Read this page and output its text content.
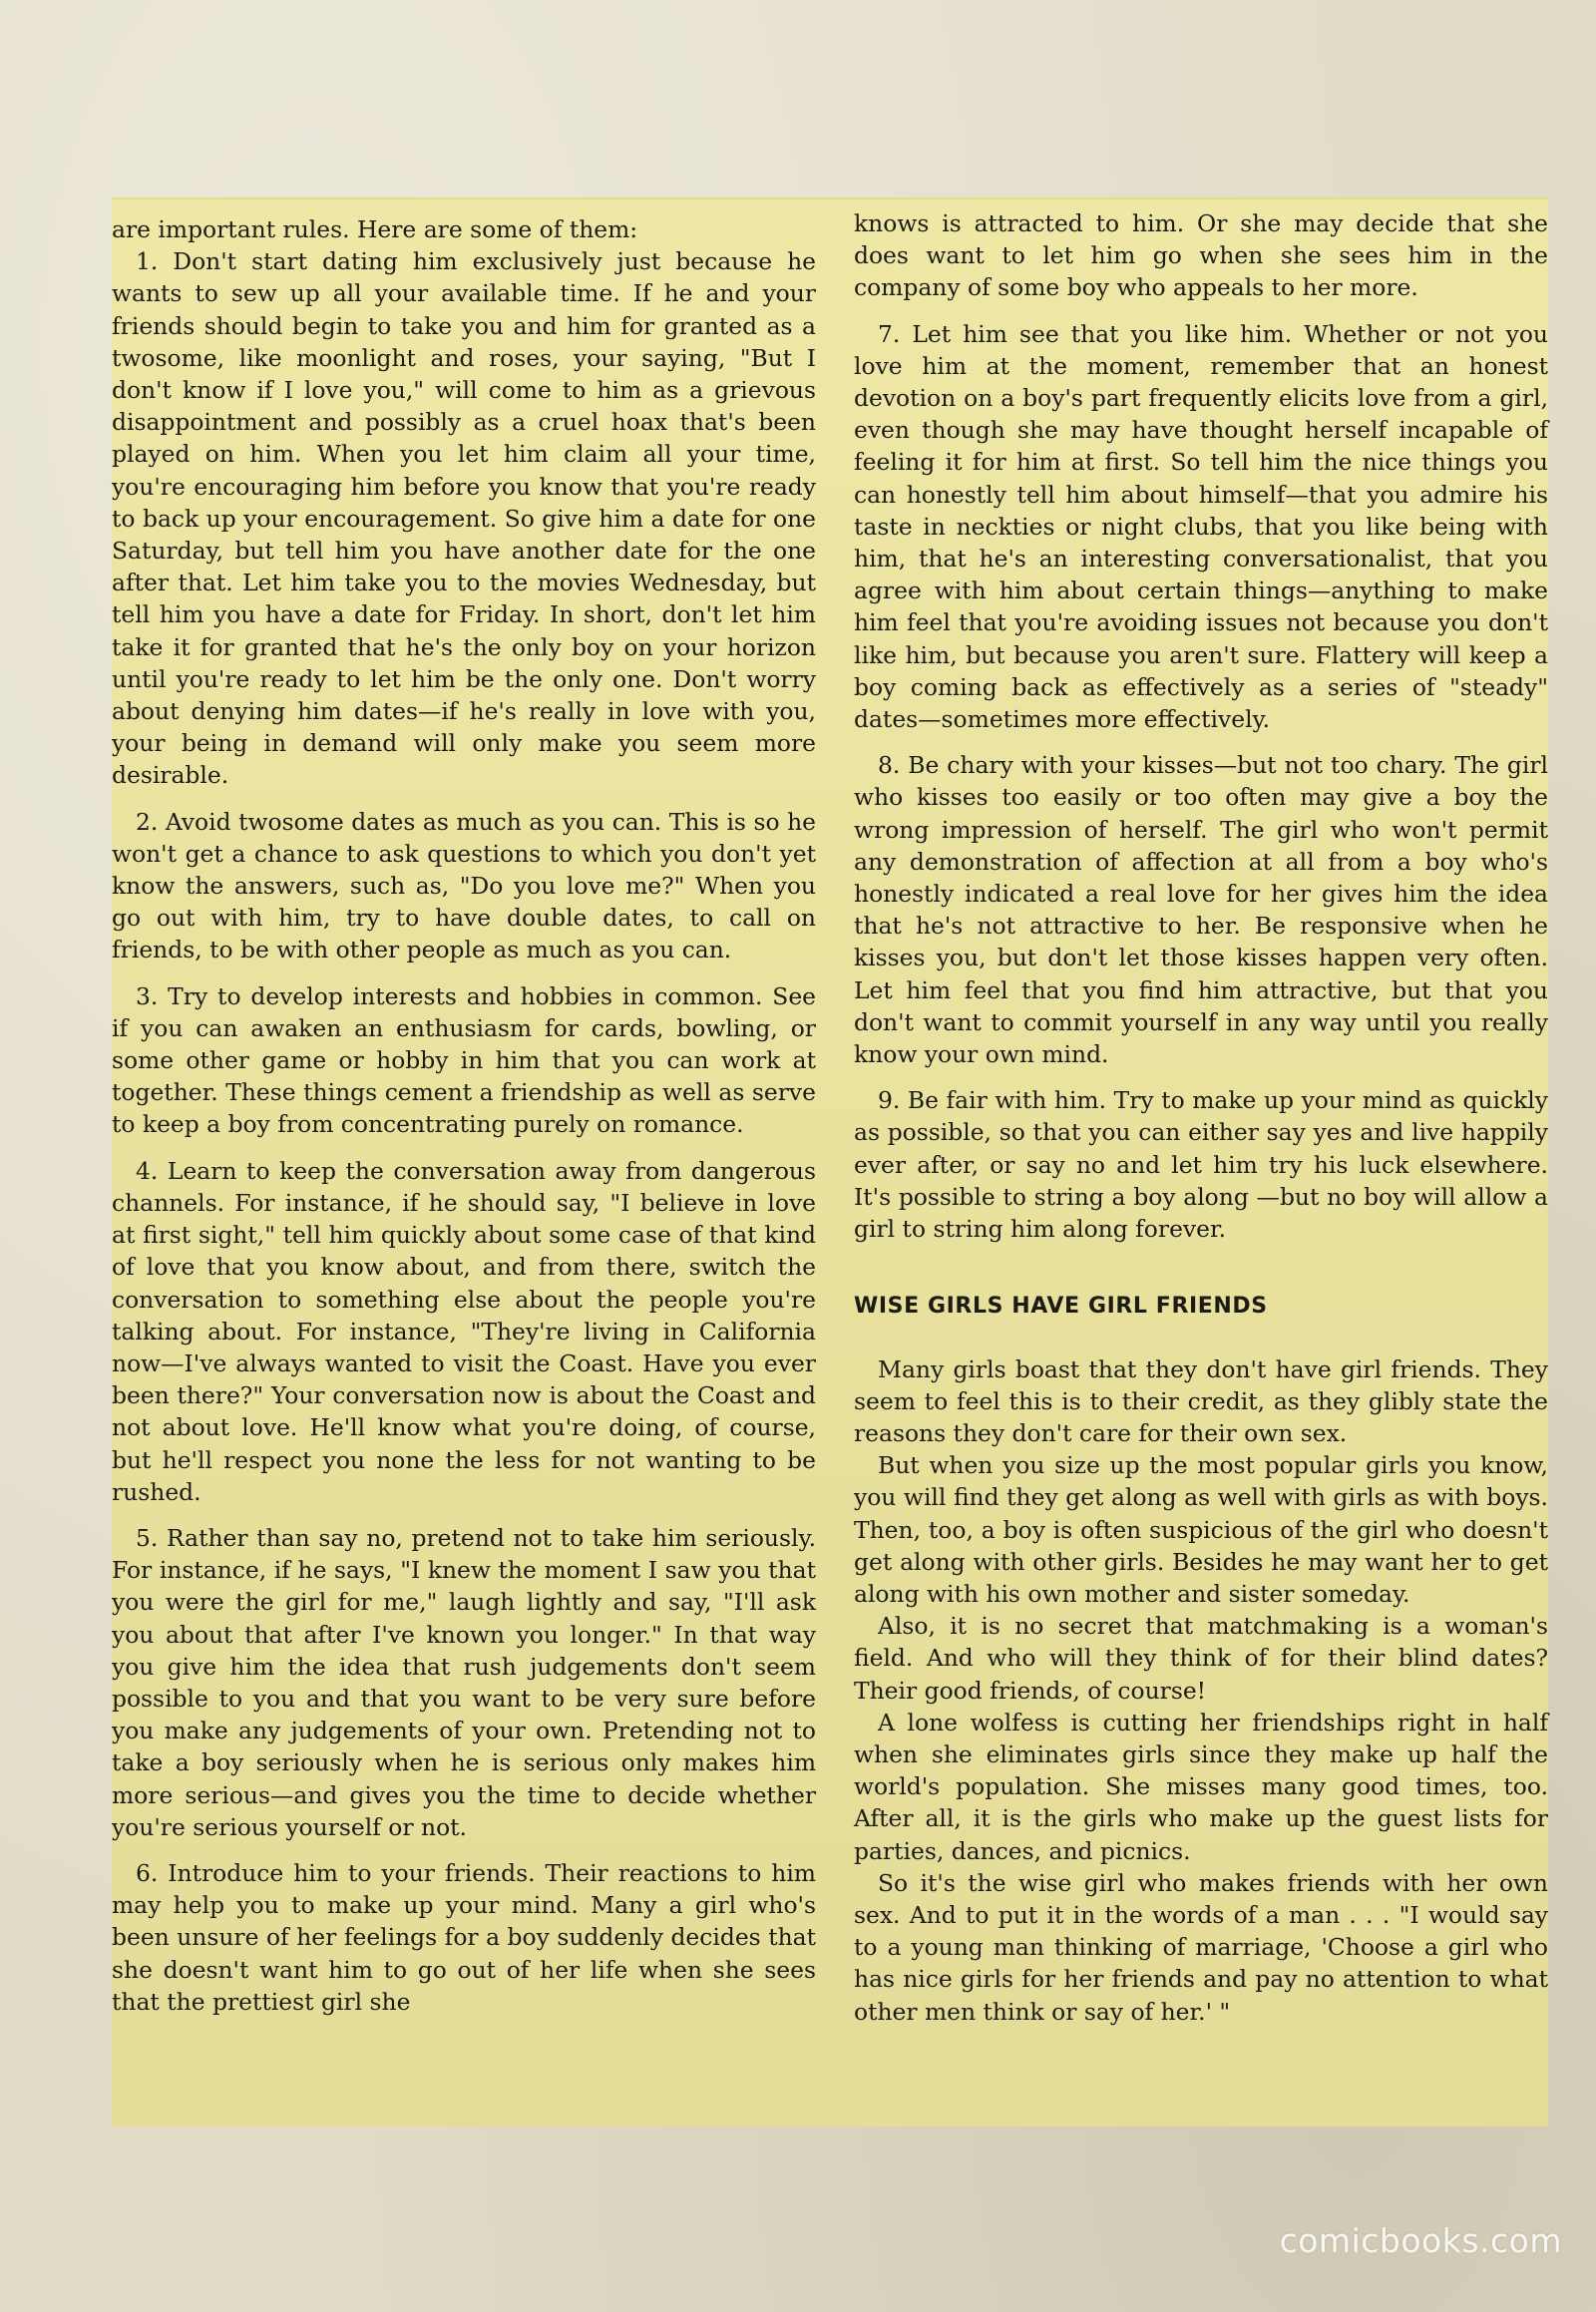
are important rules. Here are some of them:

1. Don't start dating him exclusively just because he wants to sew up all your available time. If he and your friends should begin to take you and him for granted as a twosome, like moonlight and roses, your saying, "But I don't know if I love you," will come to him as a grievous disappointment and possibly as a cruel hoax that's been played on him. When you let him claim all your time, you're encouraging him before you know that you're ready to back up your encouragement. So give him a date for one Saturday, but tell him you have another date for the one after that. Let him take you to the movies Wednesday, but tell him you have a date for Friday. In short, don't let him take it for granted that he's the only boy on your horizon until you're ready to let him be the only one. Don't worry about denying him dates—if he's really in love with you, your being in demand will only make you seem more desirable.

2. Avoid twosome dates as much as you can. This is so he won't get a chance to ask questions to which you don't yet know the answers, such as, "Do you love me?" When you go out with him, try to have double dates, to call on friends, to be with other people as much as you can.

3. Try to develop interests and hobbies in common. See if you can awaken an enthusiasm for cards, bowling, or some other game or hobby in him that you can work at together. These things cement a friendship as well as serve to keep a boy from concentrating purely on romance.

4. Learn to keep the conversation away from dangerous channels. For instance, if he should say, "I believe in love at first sight," tell him quickly about some case of that kind of love that you know about, and from there, switch the conversation to something else about the people you're talking about. For instance, "They're living in California now—I've always wanted to visit the Coast. Have you ever been there?" Your conversation now is about the Coast and not about love. He'll know what you're doing, of course, but he'll respect you none the less for not wanting to be rushed.

5. Rather than say no, pretend not to take him seriously. For instance, if he says, "I knew the moment I saw you that you were the girl for me," laugh lightly and say, "I'll ask you about that after I've known you longer." In that way you give him the idea that rush judgements don't seem possible to you and that you want to be very sure before you make any judgements of your own. Pretending not to take a boy seriously when he is serious only makes him more serious—and gives you the time to decide whether you're serious yourself or not.

6. Introduce him to your friends. Their reactions to him may help you to make up your mind. Many a girl who's been unsure of her feelings for a boy suddenly decides that she doesn't want him to go out of her life when she sees that the prettiest girl she

knows is attracted to him. Or she may decide that she does want to let him go when she sees him in the company of some boy who appeals to her more.

7. Let him see that you like him. Whether or not you love him at the moment, remember that an honest devotion on a boy's part frequently elicits love from a girl, even though she may have thought herself incapable of feeling it for him at first. So tell him the nice things you can honestly tell him about himself—that you admire his taste in neckties or night clubs, that you like being with him, that he's an interesting conversationalist, that you agree with him about certain things—anything to make him feel that you're avoiding issues not because you don't like him, but because you aren't sure. Flattery will keep a boy coming back as effectively as a series of "steady" dates—sometimes more effectively.

8. Be chary with your kisses—but not too chary. The girl who kisses too easily or too often may give a boy the wrong impression of herself. The girl who won't permit any demonstration of affection at all from a boy who's honestly indicated a real love for her gives him the idea that he's not attractive to her. Be responsive when he kisses you, but don't let those kisses happen very often. Let him feel that you find him attractive, but that you don't want to commit yourself in any way until you really know your own mind.

9. Be fair with him. Try to make up your mind as quickly as possible, so that you can either say yes and live happily ever after, or say no and let him try his luck elsewhere. It's possible to string a boy along —but no boy will allow a girl to string him along forever.

WISE GIRLS HAVE GIRL FRIENDS

Many girls boast that they don't have girl friends. They seem to feel this is to their credit, as they glibly state the reasons they don't care for their own sex.

But when you size up the most popular girls you know, you will find they get along as well with girls as with boys. Then, too, a boy is often suspicious of the girl who doesn't get along with other girls. Besides he may want her to get along with his own mother and sister someday.

Also, it is no secret that matchmaking is a woman's field. And who will they think of for their blind dates? Their good friends, of course!

A lone wolfess is cutting her friendships right in half when she eliminates girls since they make up half the world's population. She misses many good times, too. After all, it is the girls who make up the guest lists for parties, dances, and picnics.

So it's the wise girl who makes friends with her own sex. And to put it in the words of a man . . . "I would say to a young man thinking of marriage, 'Choose a girl who has nice girls for her friends and pay no attention to what other men think or say of her.' "

comicbooks.com
